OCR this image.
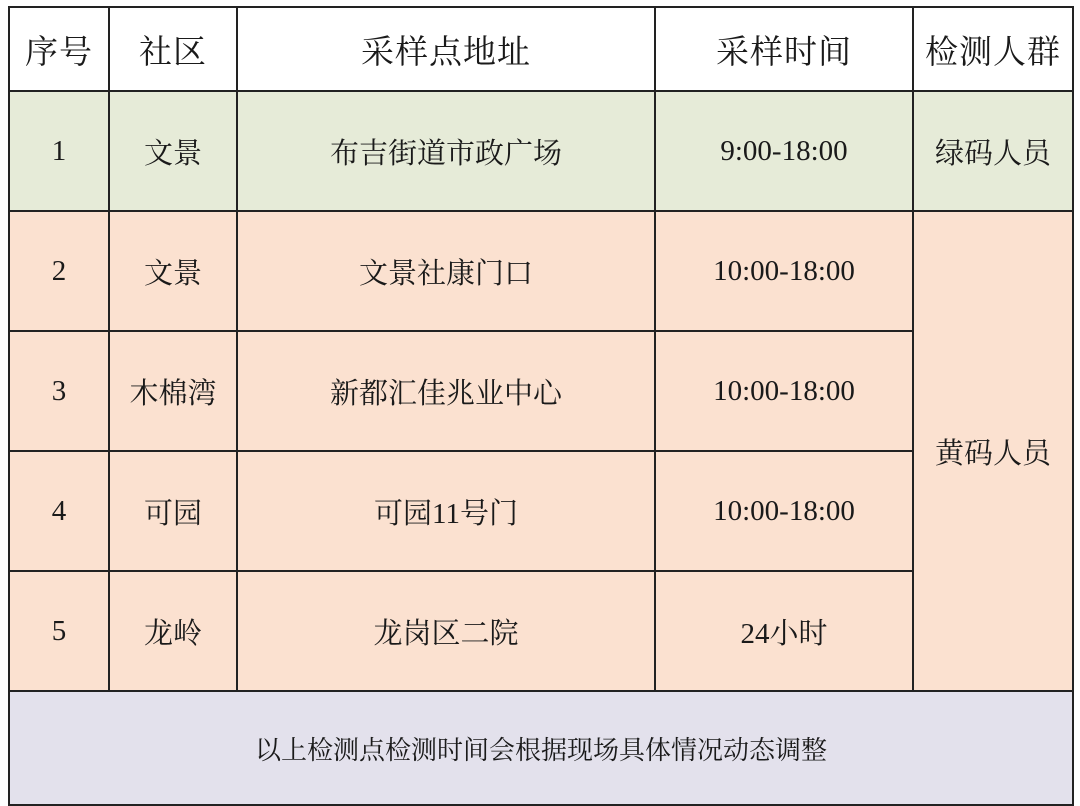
序号	社区	采样点地址	采样时间	检测人群
1	文景	布吉街道市政广场	9:00-18:00	绿码人员
2	文景	文景社康门口	10:00-18:00	黄码人员
3	木棉湾	新都汇佳兆业中心	10:00-18:00	
4	可园	可园11号门	10:00-18:00	
5	龙岭	龙岗区二院	24小时	
以上检测点检测时间会根据现场具体情况动态调整				
